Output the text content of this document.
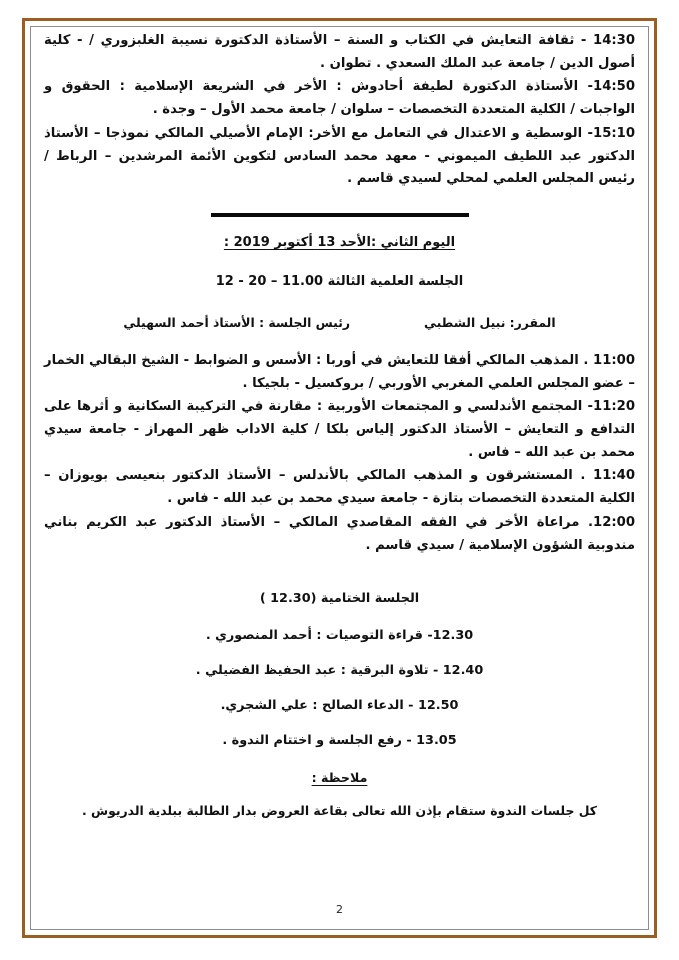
14:30 - ثقافة التعايش في الكتاب و السنة – الأستاذة الدكتورة نسيبة الغلبزوري / - كلية أصول الدين / جامعة عبد الملك السعدي . تطوان .

14:50- الأستاذة الدكتورة لطيفة أحادوش : الأخر في الشريعة الإسلامية : الحقوق و الواجبات / الكلية المتعددة التخصصات – سلوان / جامعة محمد الأول – وجدة .

15:10- الوسطية و الاعتدال في التعامل مع الأخر: الإمام الأصيلي المالكي نموذجا – الأستاذ الدكتور عبد اللطيف الميموني - معهد محمد السادس لتكوين الأئمة المرشدين – الرباط / رئيس المجلس العلمي لمحلي لسيدي قاسم .

اليوم الثاني :الأحد 13 أكتوبر 2019 :
الجلسة العلمية الثالثة 11.00 – 20 - 12
المقرر: نبيل الشطبي
رئيس الجلسة : الأستاذ أحمد السهيلي

11:00 . المذهب المالكي أفقا للتعايش في أوربا : الأسس و الضوابط - الشيخ البقالي الخمار – عضو المجلس العلمي المغربي الأوربي / بروكسيل - بلجيكا .

11:20- المجتمع الأندلسي و المجتمعات الأوربية : مقارنة في التركيبة السكانية و أثرها على التدافع و التعايش – الأستاذ الدكتور إلياس بلكا / كلية الاداب ظهر المهراز - جامعة سيدي محمد بن عبد الله – فاس .

11:40 . المستشرقون و المذهب المالكي بالأندلس – الأستاذ الدكتور بنعيسى بويوزان – الكلية المتعددة التخصصات بتازة - جامعة سيدي محمد بن عبد الله - فاس .

12:00. مراعاة الأخر في الفقه المقاصدي المالكي – الأستاذ الدكتور عبد الكريم بناني مندوبية الشؤون الإسلامية / سيدي قاسم .

الجلسة الختامية (12.30 )

12.30- قراءة التوصيات : أحمد المنصوري .

12.40 - تلاوة البرقية : عبد الحفيظ الفضيلي .

12.50 - الدعاء الصالح : علي الشجري.

13.05 - رفع الجلسة و اختتام الندوة .

ملاحظة :
كل جلسات الندوة ستقام بإذن الله تعالى بقاعة العروض بدار الطالبة ببلدية الدريوش .
2
